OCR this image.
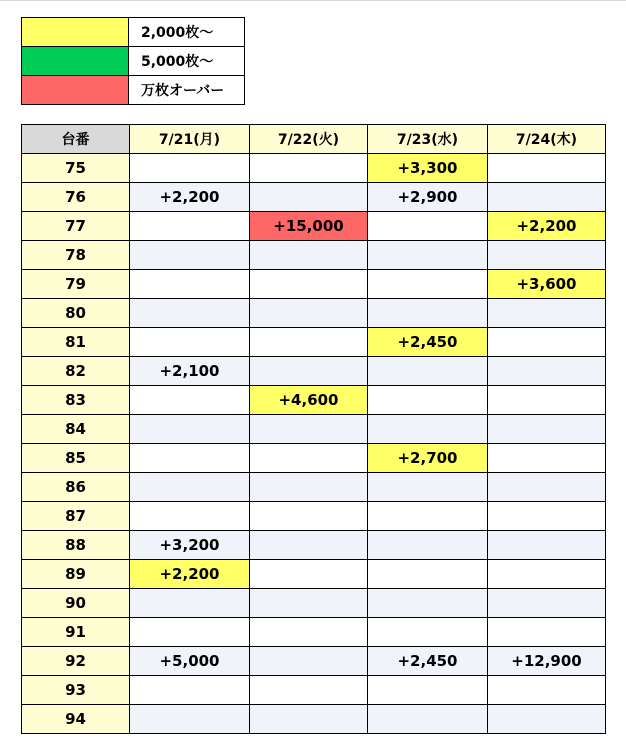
	2,000枚～
	5,000枚～
	万枚オーバー
台番	7/21(月)	7/22(火)	7/23(水)	7/24(木)
75			+3,300	
76	+2,200		+2,900	
77		+15,000		+2,200
78				
79				+3,600
80				
81			+2,450	
82	+2,100			
83		+4,600		
84				
85			+2,700	
86				
87				
88	+3,200			
89	+2,200			
90				
91				
92	+5,000		+2,450	+12,900
93				
94				
